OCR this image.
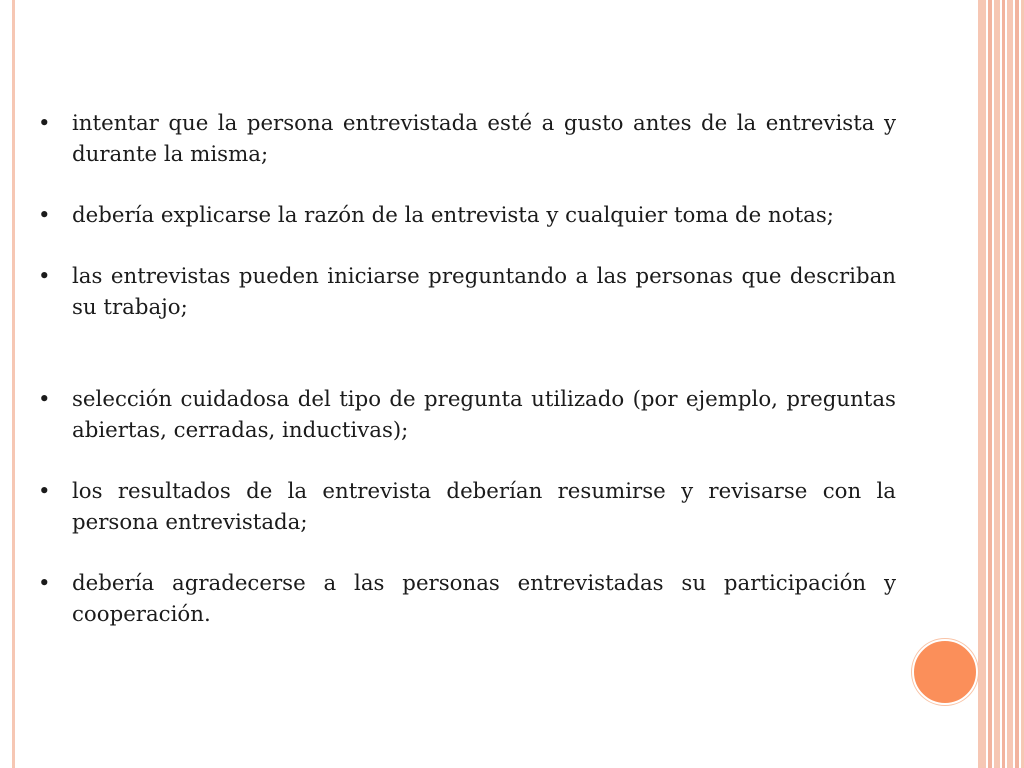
•	intentar que la persona entrevistada esté a gusto antes de la entrevista y durante la misma;
•	debería explicarse la razón de la entrevista y cualquier toma de notas;
•	las entrevistas pueden iniciarse preguntando a las personas que describan su trabajo;
•	selección cuidadosa del tipo de pregunta utilizado (por ejemplo, preguntas abiertas, cerradas, inductivas);
•	los resultados de la entrevista deberían resumirse y revisarse con la persona entrevistada;
•	debería agradecerse a las personas entrevistadas su participación y cooperación.
